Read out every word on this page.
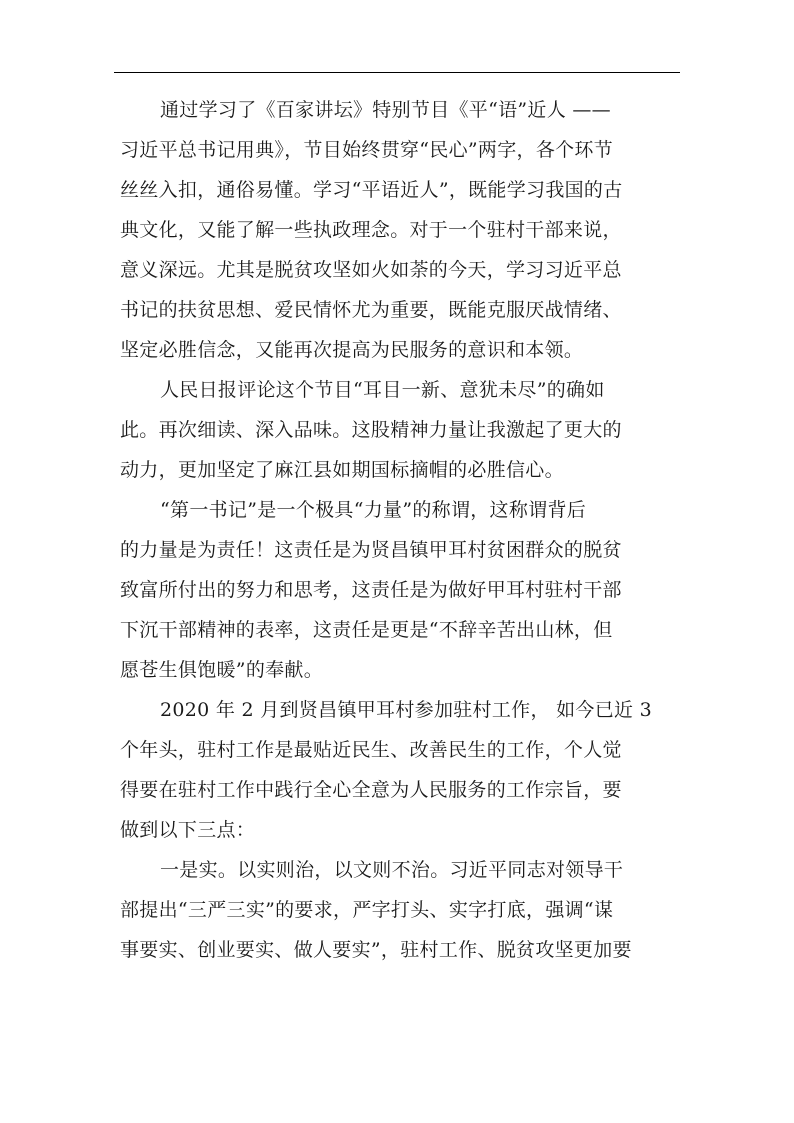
通过学习了《百家讲坛》特别节目《平“语”近人 ——
习近平总书记用典》，节目始终贯穿“民心”两字，各个环节
丝丝入扣，通俗易懂。学习“平语近人”，既能学习我国的古
典文化，又能了解一些执政理念。对于一个驻村干部来说，
意义深远。尤其是脱贫攻坚如火如荼的今天，学习习近平总
书记的扶贫思想、爱民情怀尤为重要，既能克服厌战情绪、
坚定必胜信念，又能再次提高为民服务的意识和本领。
人民日报评论这个节目“耳目一新、意犹未尽”的确如
此。再次细读、深入品味。这股精神力量让我激起了更大的
动力，更加坚定了麻江县如期国标摘帽的必胜信心。
“第一书记”是一个极具“力量”的称谓，这称谓背后
的力量是为责任！这责任是为贤昌镇甲耳村贫困群众的脱贫
致富所付出的努力和思考，这责任是为做好甲耳村驻村干部
下沉干部精神的表率，这责任是更是“不辞辛苦出山林，但
愿苍生俱饱暖”的奉献。
2020 年 2 月到贤昌镇甲耳村参加驻村工作， 如今已近 3
个年头，驻村工作是最贴近民生、改善民生的工作，个人觉
得要在驻村工作中践行全心全意为人民服务的工作宗旨，要
做到以下三点：
一是实。以实则治，以文则不治。习近平同志对领导干
部提出“三严三实”的要求，严字打头、实字打底，强调“谋
事要实、创业要实、做人要实”，驻村工作、脱贫攻坚更加要
